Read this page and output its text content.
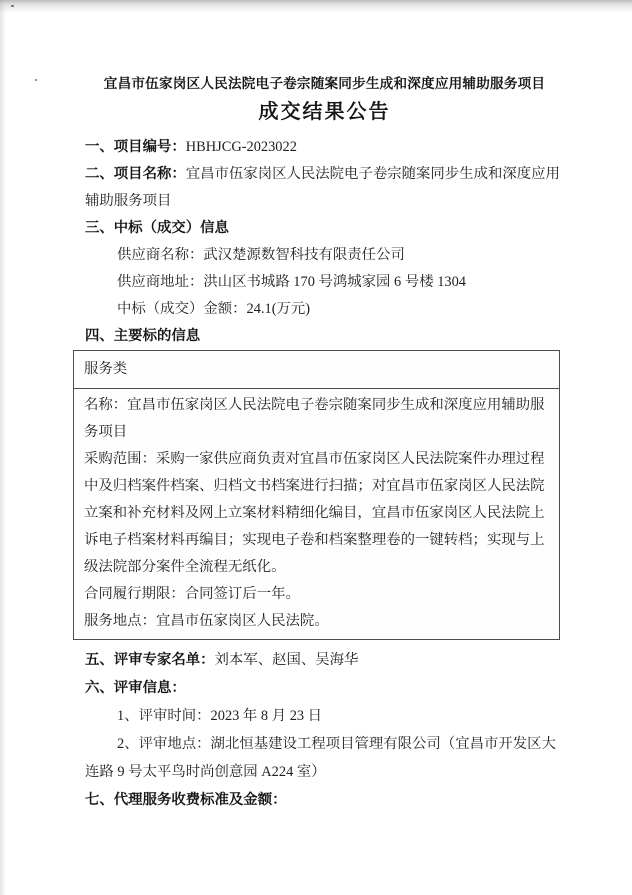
宜昌市伍家岗区人民法院电子卷宗随案同步生成和深度应用辅助服务项目
成交结果公告

一、项目编号：HBHJCG-2023022

二、项目名称：宜昌市伍家岗区人民法院电子卷宗随案同步生成和深度应用辅助服务项目

三、中标（成交）信息

供应商名称：武汉楚源数智科技有限责任公司

供应商地址：洪山区书城路 170 号鸿城家园 6 号楼 1304

中标（成交）金额：24.1(万元)

四、主要标的信息

服务类

名称：宜昌市伍家岗区人民法院电子卷宗随案同步生成和深度应用辅助服务项目

采购范围：采购一家供应商负责对宜昌市伍家岗区人民法院案件办理过程中及归档案件档案、归档文书档案进行扫描；对宜昌市伍家岗区人民法院立案和补充材料及网上立案材料精细化编目，宜昌市伍家岗区人民法院上诉电子档案材料再编目；实现电子卷和档案整理卷的一键转档；实现与上级法院部分案件全流程无纸化。

合同履行期限：合同签订后一年。

服务地点：宜昌市伍家岗区人民法院。

五、评审专家名单：刘本军、赵国、吴海华

六、评审信息：

1、评审时间：2023 年 8 月 23 日

2、评审地点：湖北恒基建设工程项目管理有限公司（宜昌市开发区大连路 9 号太平鸟时尚创意园 A224 室）

七、代理服务收费标准及金额：
